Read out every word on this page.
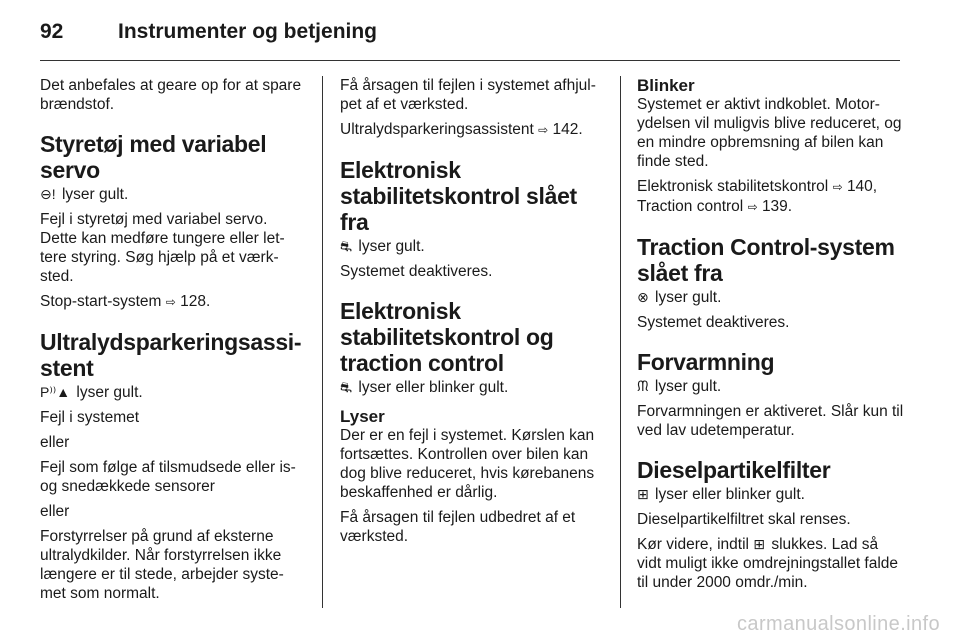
92	Instrumenter og betjening

Det anbefales at geare op for at spare brændstof.

Styretøj med variabel servo

⊖! lyser gult.

Fejl i styretøj med variabel servo. Dette kan medføre tungere eller let-tere styring. Søg hjælp på et værk-sted.

Stop-start-system ⇨ 128.

Ultralydsparkeringsassi-stent

P⁾⁾▲ lyser gult.

Fejl i systemet

eller

Fejl som følge af tilsmudsede eller is- og snedækkede sensorer

eller

Forstyrrelser på grund af eksterne ultralydkilder. Når forstyrrelsen ikke længere er til stede, arbejder syste-met som normalt.

Få årsagen til fejlen i systemet afhjul-pet af et værksted.

Ultralydsparkeringsassistent ⇨ 142.

Elektronisk stabilitetskontrol slået fra

⛐ lyser gult.

Systemet deaktiveres.

Elektronisk stabilitetskontrol og traction control

⛐ lyser eller blinker gult.

Lyser

Der er en fejl i systemet. Kørslen kan fortsættes. Kontrollen over bilen kan dog blive reduceret, hvis kørebanens beskaffenhed er dårlig.

Få årsagen til fejlen udbedret af et værksted.

Blinker

Systemet er aktivt indkoblet. Motor-ydelsen vil muligvis blive reduceret, og en mindre opbremsning af bilen kan finde sted.

Elektronisk stabilitetskontrol ⇨ 140,
Traction control ⇨ 139.

Traction Control-system slået fra

⊗ lyser gult.

Systemet deaktiveres.

Forvarmning

ᙏ lyser gult.

Forvarmningen er aktiveret. Slår kun til ved lav udetemperatur.

Dieselpartikelfilter

⊞ lyser eller blinker gult.

Dieselpartikelfiltret skal renses.

Kør videre, indtil ⊞ slukkes. Lad så vidt muligt ikke omdrejningstallet falde til under 2000 omdr./min.

carmanualsonline.info
